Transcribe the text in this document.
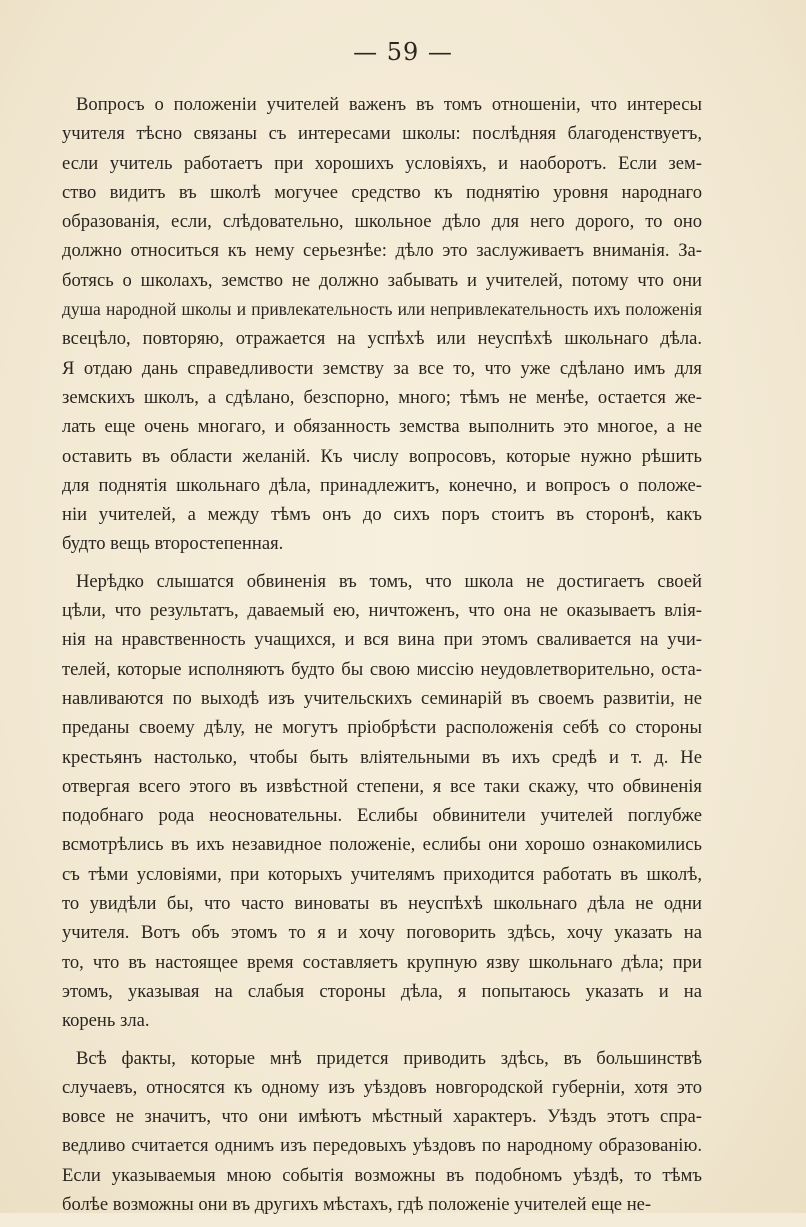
— 59 —
Вопросъ о положеніи учителей важенъ въ томъ отношеніи, что интересы
учителя тѣсно связаны съ интересами школы: послѣдняя благоденствуетъ,
если учитель работаетъ при хорошихъ условіяхъ, и наоборотъ. Если зем-
ство видитъ въ школѣ могучее средство къ поднятію уровня народнаго
образованія, если, слѣдовательно, школьное дѣло для него дорого, то оно
должно относиться къ нему серьезнѣе: дѣло это заслуживаетъ вниманія. За-
ботясь о школахъ, земство не должно забывать и учителей, потому что они
душа народной школы и привлекательность или непривлекательность ихъ положенія
всецѣло, повторяю, отражается на успѣхѣ или неуспѣхѣ школьнаго дѣла.
Я отдаю дань справедливости земству за все то, что уже сдѣлано имъ для
земскихъ школъ, а сдѣлано, безспорно, много; тѣмъ не менѣе, остается же-
лать еще очень многаго, и обязанность земства выполнить это многое, а не
оставить въ области желаній. Къ числу вопросовъ, которые нужно рѣшить
для поднятія школьнаго дѣла, принадлежитъ, конечно, и вопросъ о положе-
ніи учителей, а между тѣмъ онъ до сихъ поръ стоитъ въ сторонѣ, какъ
будто вещь второстепенная.
Нерѣдко слышатся обвиненія въ томъ, что школа не достигаетъ своей
цѣли, что результатъ, даваемый ею, ничтоженъ, что она не оказываетъ влія-
нія на нравственность учащихся, и вся вина при этомъ сваливается на учи-
телей, которые исполняютъ будто бы свою миссію неудовлетворительно, оста-
навливаются по выходѣ изъ учительскихъ семинарій въ своемъ развитіи, не
преданы своему дѣлу, не могутъ пріобрѣсти расположенія себѣ со стороны
крестьянъ настолько, чтобы быть вліятельными въ ихъ средѣ и т. д. Не
отвергая всего этого въ извѣстной степени, я все таки скажу, что обвиненія
подобнаго рода неосновательны. Еслибы обвинители учителей поглубже
всмотрѣлись въ ихъ незавидное положеніе, еслибы они хорошо ознакомились
съ тѣми условіями, при которыхъ учителямъ приходится работать въ школѣ,
то увидѣли бы, что часто виноваты въ неуспѣхѣ школьнаго дѣла не одни
учителя. Вотъ объ этомъ то я и хочу поговорить здѣсь, хочу указать на
то, что въ настоящее время составляетъ крупную язву школьнаго дѣла; при
этомъ, указывая на слабыя стороны дѣла, я попытаюсь указать и на
корень зла.
Всѣ факты, которые мнѣ придется приводить здѣсь, въ большинствѣ
случаевъ, относятся къ одному изъ уѣздовъ новгородской губерніи, хотя это
вовсе не значитъ, что они имѣютъ мѣстный характеръ. Уѣздъ этотъ спра-
ведливо считается однимъ изъ передовыхъ уѣздовъ по народному образованію.
Если указываемыя мною событія возможны въ подобномъ уѣздѣ, то тѣмъ
болѣе возможны они въ другихъ мѣстахъ, гдѣ положеніе учителей еще не-
